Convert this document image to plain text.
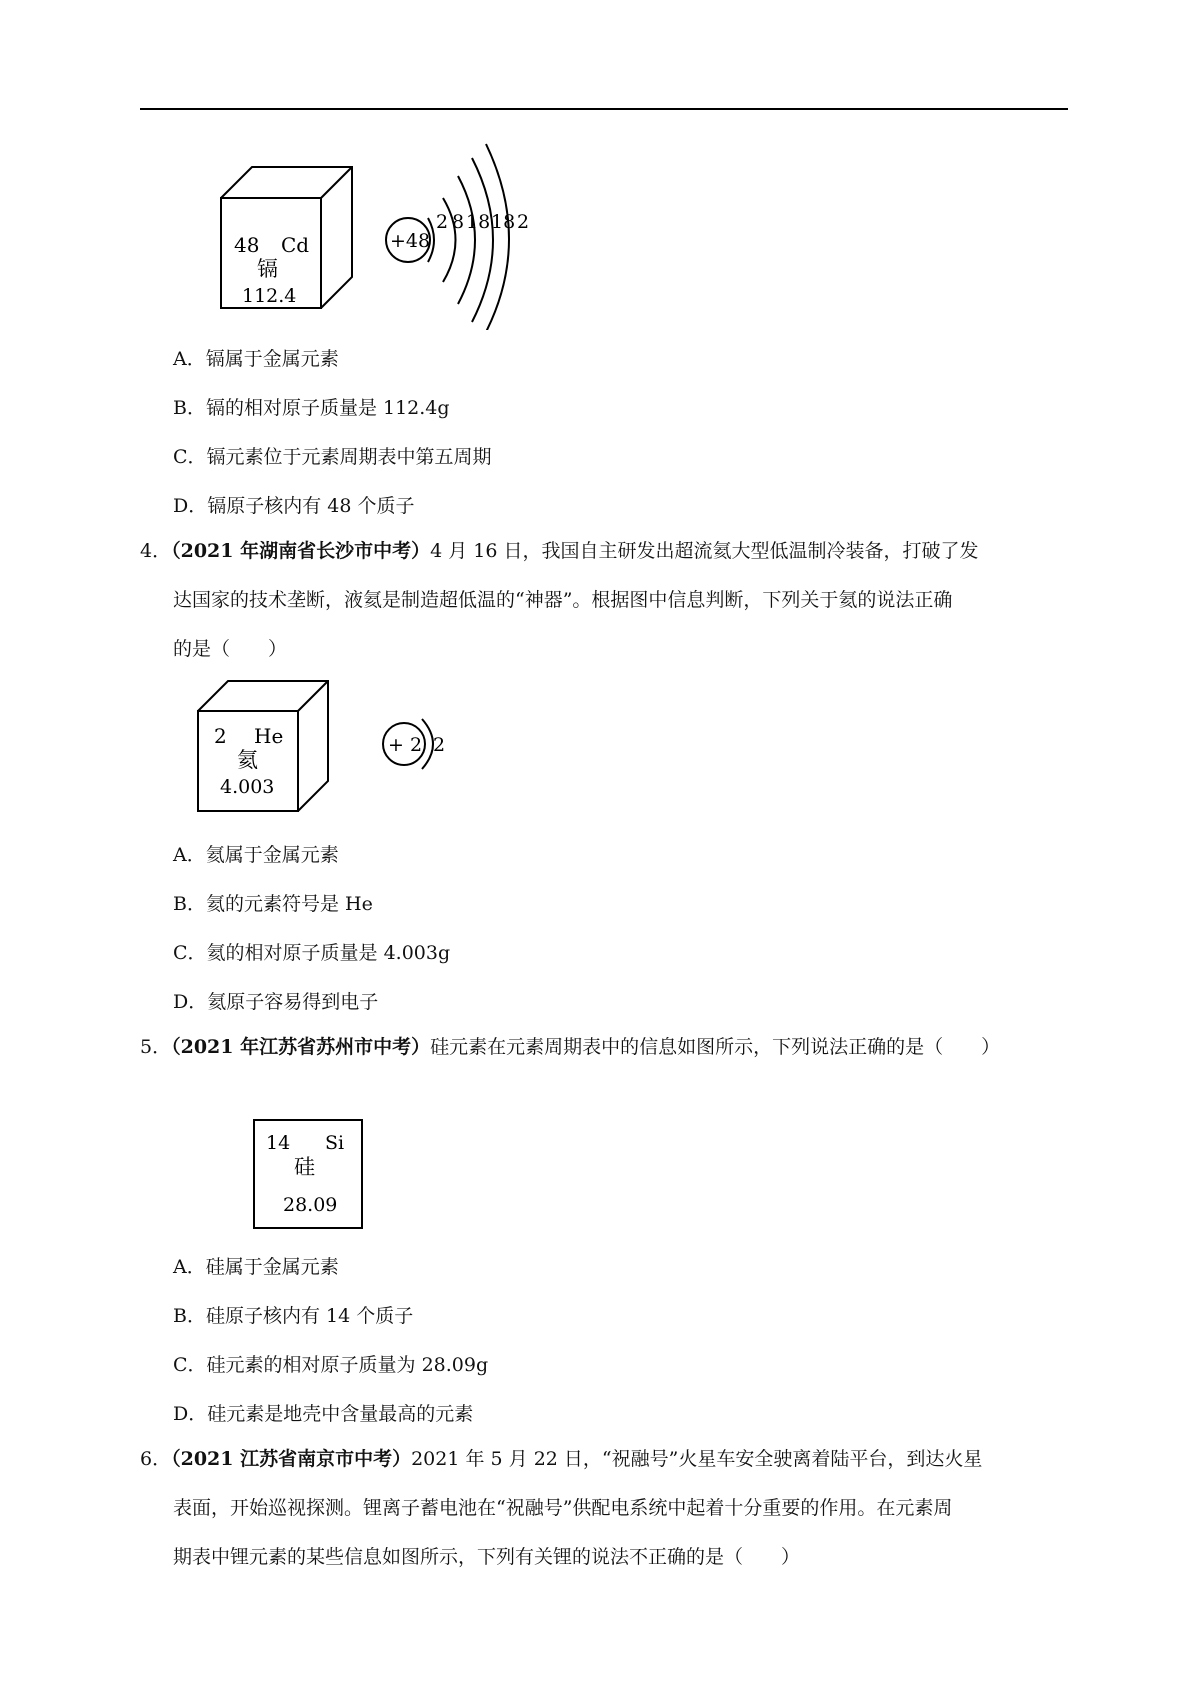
48 Cd
镉
112.4
+48
2 8 18 18 2
A．镉属于金属元素
B．镉的相对原子质量是 112.4g
C．镉元素位于元素周期表中第五周期
D．镉原子核内有 48 个质子
4．（2021 年湖南省长沙市中考）4 月 16 日，我国自主研发出超流氦大型低温制冷装备，打破了发
达国家的技术垄断，液氦是制造超低温的“神器”。根据图中信息判断，下列关于氦的说法正确
的是（　　）
2 He
氦
4.003
+ 2 2
A．氦属于金属元素
B．氦的元素符号是 He
C．氦的相对原子质量是 4.003g
D．氦原子容易得到电子
5．（2021 年江苏省苏州市中考）硅元素在元素周期表中的信息如图所示，下列说法正确的是（　　）
14 Si
硅
28.09
A．硅属于金属元素
B．硅原子核内有 14 个质子
C．硅元素的相对原子质量为 28.09g
D．硅元素是地壳中含量最高的元素
6．（2021 江苏省南京市中考）2021 年 5 月 22 日，“祝融号”火星车安全驶离着陆平台，到达火星
表面，开始巡视探测。锂离子蓄电池在“祝融号”供配电系统中起着十分重要的作用。在元素周
期表中锂元素的某些信息如图所示，下列有关锂的说法不正确的是（　　）
